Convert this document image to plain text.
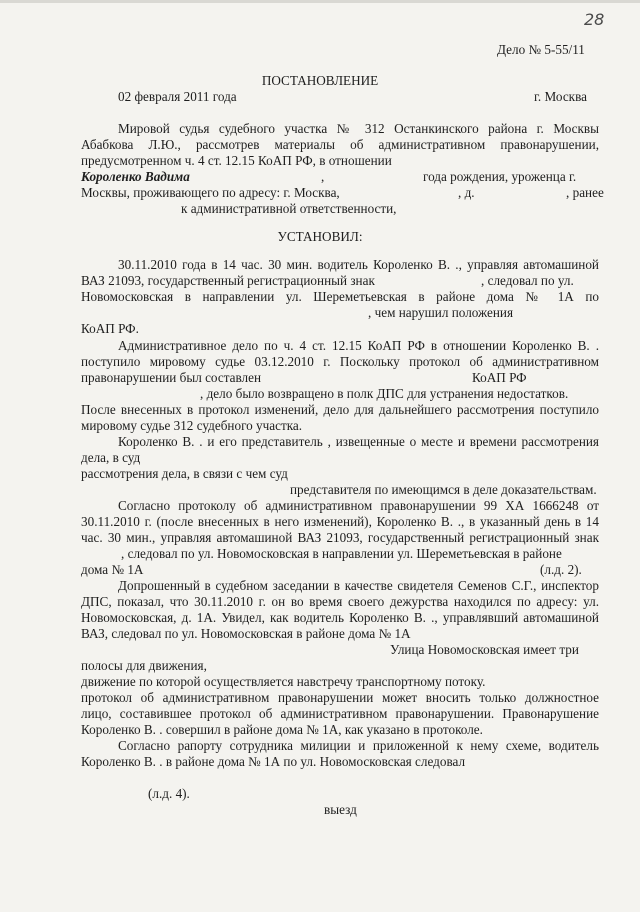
28
Дело № 5-55/11
ПОСТАНОВЛЕНИЕ
02 февраля 2011 года	г. Москва
Мировой судья судебного участка № 312 Останкинского района г. Москвы
Абабкова Л.Ю., рассмотрев материалы об административном правонарушении,
предусмотренном ч. 4 ст. 12.15 КоАП РФ, в отношении
Короленко Вадима	,	года рождения, уроженца г.
Москвы, проживающего по адресу: г. Москва,	, д.	, ранее
к административной ответственности,
УСТАНОВИЛ:
30.11.2010 года в 14 час. 30 мин. водитель Короленко В. ., управляя автомашиной
ВАЗ 21093, государственный регистрационный знак	, следовал по ул.
Новомосковская в направлении ул. Шереметьевская в районе дома № 1А по
, чем нарушил положения
КоАП РФ.
Административное дело по ч. 4 ст. 12.15 КоАП РФ в отношении Короленко В. .
поступило мировому судье 03.12.2010 г. Поскольку протокол об административном
правонарушении был составлен	КоАП РФ
, дело было возвращено в полк ДПС для устранения недостатков.
После внесенных в протокол изменений, дело для дальнейшего рассмотрения поступило
мировому судье 312 судебного участка.
Короленко В. . и его представитель , извещенные о месте и времени рассмотрения
дела, в суд
рассмотрения дела, в связи с чем суд
представителя по имеющимся в деле доказательствам.
Согласно протоколу об административном правонарушении 99 ХА 1666248 от
30.11.2010 г. (после внесенных в него изменений), Короленко В. ., в указанный день в 14
час. 30 мин., управляя автомашиной ВАЗ 21093, государственный регистрационный знак
, следовал по ул. Новомосковская в направлении ул. Шереметьевская в районе
дома № 1А	(л.д. 2).
Допрошенный в судебном заседании в качестве свидетеля Семенов С.Г., инспектор
ДПС, показал, что 30.11.2010 г. он во время своего дежурства находился по адресу: ул.
Новомосковская, д. 1А. Увидел, как водитель Короленко В. ., управлявший автомашиной
ВАЗ, следовал по ул. Новомосковская в районе дома № 1А
Улица Новомосковская имеет три
полосы для движения,
движение по которой осуществляется навстречу транспортному потоку.
протокол об административном правонарушении может вносить только должностное
лицо, составившее протокол об административном правонарушении. Правонарушение
Короленко В. . совершил в районе дома № 1А, как указано в протоколе.
Согласно рапорту сотрудника милиции и приложенной к нему схеме, водитель
Короленко В. . в районе дома № 1А по ул. Новомосковская следовал
(л.д. 4).
выезд
